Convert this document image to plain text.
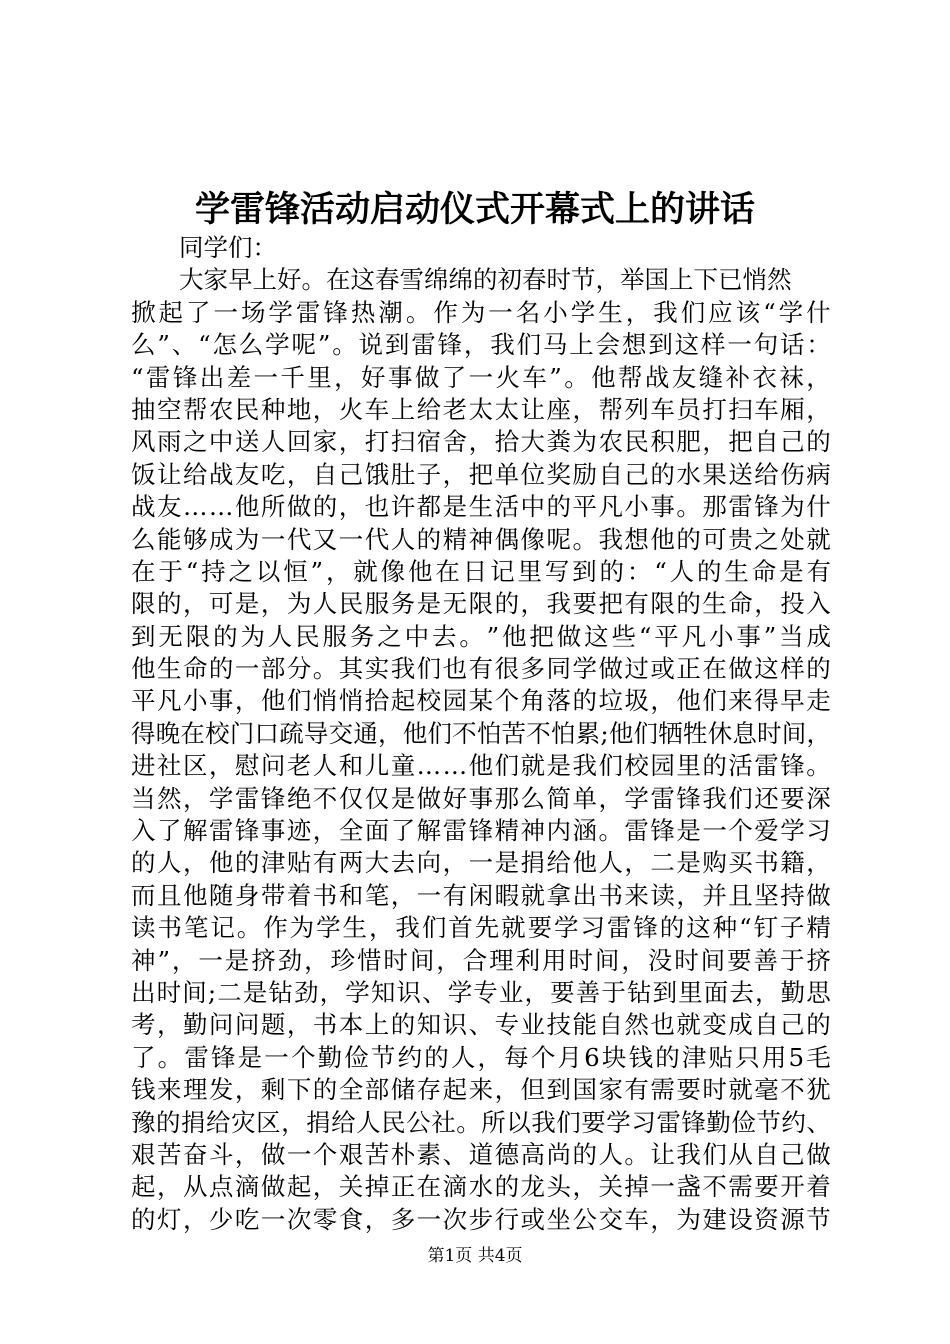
学雷锋活动启动仪式开幕式上的讲话
同学们：
大家早上好。在这春雪绵绵的初春时节，举国上下已悄然
掀 起 了 一 场 学 雷 锋 热 潮 。 作 为 一 名 小 学 生 ， 我 们 应 该 “ 学 什
么 ” 、 “ 怎 么 学 呢 ” 。 说 到 雷 锋 ， 我 们 马 上 会 想 到 这 样 一 句 话 ：
“ 雷 锋 出 差 一 千 里 ， 好 事 做 了 一 火 车 ” 。 他 帮 战 友 缝 补 衣 袜 ，
抽 空 帮 农 民 种 地 ， 火 车 上 给 老 太 太 让 座 ， 帮 列 车 员 打 扫 车 厢 ，
风 雨 之 中 送 人 回 家 ， 打 扫 宿 舍 ， 拾 大 粪 为 农 民 积 肥 ， 把 自 己 的
饭 让 给 战 友 吃 ， 自 己 饿 肚 子 ， 把 单 位 奖 励 自 己 的 水 果 送 给 伤 病
战 友 … … 他 所 做 的 ， 也 许 都 是 生 活 中 的 平 凡 小 事 。 那 雷 锋 为 什
么 能 够 成 为 一 代 又 一 代 人 的 精 神 偶 像 呢 。 我 想 他 的 可 贵 之 处 就
在 于 “ 持 之 以 恒 ” ， 就 像 他 在 日 记 里 写 到 的 ： “ 人 的 生 命 是 有
限 的 ， 可 是 ， 为 人 民 服 务 是 无 限 的 ， 我 要 把 有 限 的 生 命 ， 投 入
到 无 限 的 为 人 民 服 务 之 中 去 。 ” 他 把 做 这 些 “ 平 凡 小 事 ” 当 成
他 生 命 的 一 部 分 。 其 实 我 们 也 有 很 多 同 学 做 过 或 正 在 做 这 样 的
平 凡 小 事 ， 他 们 悄 悄 拾 起 校 园 某 个 角 落 的 垃 圾 ， 他 们 来 得 早 走
得 晚 在 校 门 口 疏 导 交 通 ， 他 们 不 怕 苦 不 怕 累 ; 他 们 牺 牲 休 息 时 间 ，
进 社 区 ， 慰 问 老 人 和 儿 童 … … 他 们 就 是 我 们 校 园 里 的 活 雷 锋 。
当 然 ， 学 雷 锋 绝 不 仅 仅 是 做 好 事 那 么 简 单 ， 学 雷 锋 我 们 还 要 深
入 了 解 雷 锋 事 迹 ， 全 面 了 解 雷 锋 精 神 内 涵 。 雷 锋 是 一 个 爱 学 习
的 人 ， 他 的 津 贴 有 两 大 去 向 ， 一 是 捐 给 他 人 ， 二 是 购 买 书 籍 ，
而 且 他 随 身 带 着 书 和 笔 ， 一 有 闲 暇 就 拿 出 书 来 读 ， 并 且 坚 持 做
读 书 笔 记 。 作 为 学 生 ， 我 们 首 先 就 要 学 习 雷 锋 的 这 种 “ 钉 子 精
神 ” ， 一 是 挤 劲 ， 珍 惜 时 间 ， 合 理 利 用 时 间 ， 没 时 间 要 善 于 挤
出 时 间 ; 二 是 钻 劲 ， 学 知 识 、 学 专 业 ， 要 善 于 钻 到 里 面 去 ， 勤 思
考 ， 勤 问 问 题 ， 书 本 上 的 知 识 、 专 业 技 能 自 然 也 就 变 成 自 己 的
了 。 雷 锋 是 一 个 勤 俭 节 约 的 人 ， 每 个 月 6 块 钱 的 津 贴 只 用 5 毛
钱 来 理 发 ， 剩 下 的 全 部 储 存 起 来 ， 但 到 国 家 有 需 要 时 就 毫 不 犹
豫 的 捐 给 灾 区 ， 捐 给 人 民 公 社 。 所 以 我 们 要 学 习 雷 锋 勤 俭 节 约 、
艰 苦 奋 斗 ， 做 一 个 艰 苦 朴 素 、 道 德 高 尚 的 人 。 让 我 们 从 自 己 做
起 ， 从 点 滴 做 起 ， 关 掉 正 在 滴 水 的 龙 头 ， 关 掉 一 盏 不 需 要 开 着
的 灯 ， 少 吃 一 次 零 食 ， 多 一 次 步 行 或 坐 公 交 车 ， 为 建 设 资 源 节
第1页 共4页
